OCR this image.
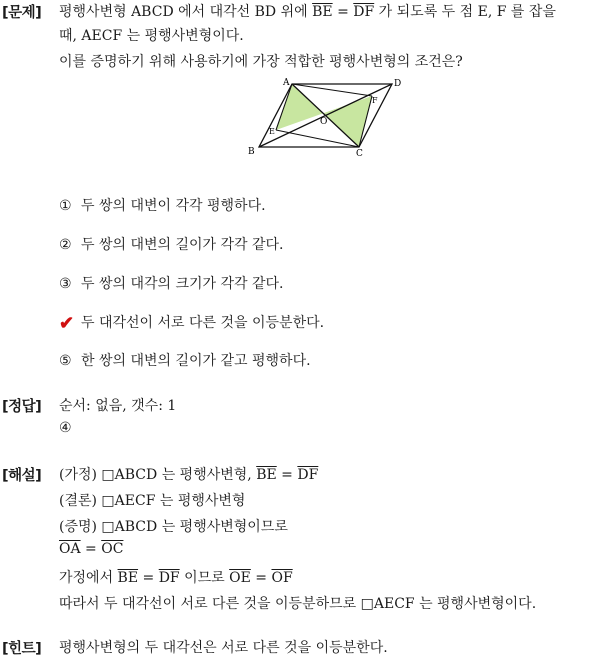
[문제] 평행사변형 ABCD 에서 대각선 BD 위에 $\overline{BE} = \overline{DF}$ 가 되도록 두 점 E, F 를 잡을
때, AECF 는 평행사변형이다.
이를 증명하기 위해 사용하기에 가장 적합한 평행사변형의 조건은?
A	D
B	C
E
F
O
① 두 쌍의 대변이 각각 평행하다.
② 두 쌍의 대변의 길이가 각각 같다.
③ 두 쌍의 대각의 크기가 각각 같다.
✔ 두 대각선이 서로 다른 것을 이등분한다.
⑤ 한 쌍의 대변의 길이가 같고 평행하다.
[정답] 순서: 없음, 갯수: 1
④
[해설] (가정) □ABCD 는 평행사변형, $\overline{BE} = \overline{DF}$
(결론) □AECF 는 평행사변형
(증명) □ABCD 는 평행사변형이므로
$\overline{OA} = \overline{OC}$
가정에서 $\overline{BE} = \overline{DF}$ 이므로 $\overline{OE} = \overline{OF}$
따라서 두 대각선이 서로 다른 것을 이등분하므로 □AECF 는 평행사변형이다.
[힌트] 평행사변형의 두 대각선은 서로 다른 것을 이등분한다.
